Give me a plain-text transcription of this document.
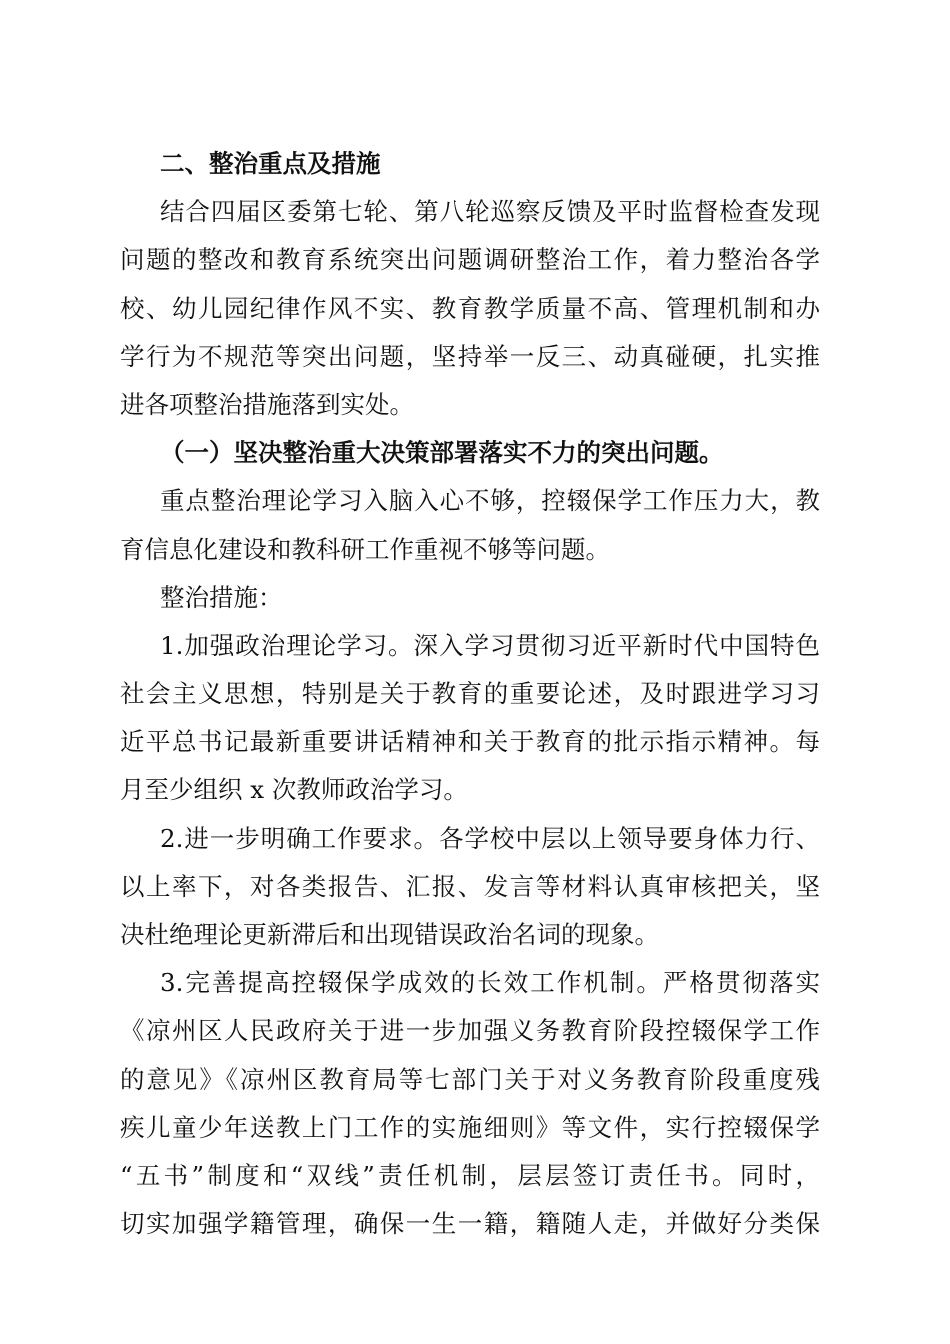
二、整治重点及措施
结合四届区委第七轮、第八轮巡察反馈及平时监督检查发现
问题的整改和教育系统突出问题调研整治工作，着力整治各学
校、幼儿园纪律作风不实、教育教学质量不高、管理机制和办
学行为不规范等突出问题，坚持举一反三、动真碰硬，扎实推
进各项整治措施落到实处。
（一）坚决整治重大决策部署落实不力的突出问题。
重点整治理论学习入脑入心不够，控辍保学工作压力大，教
育信息化建设和教科研工作重视不够等问题。
整治措施：
1.加强政治理论学习。深入学习贯彻习近平新时代中国特色
社会主义思想，特别是关于教育的重要论述，及时跟进学习习
近平总书记最新重要讲话精神和关于教育的批示指示精神。每
月至少组织 x 次教师政治学习。
2.进一步明确工作要求。各学校中层以上领导要身体力行、
以上率下，对各类报告、汇报、发言等材料认真审核把关，坚
决杜绝理论更新滞后和出现错误政治名词的现象。
3.完善提高控辍保学成效的长效工作机制。严格贯彻落实
《凉州区人民政府关于进一步加强义务教育阶段控辍保学工作
的意见》《凉州区教育局等七部门关于对义务教育阶段重度残
疾儿童少年送教上门工作的实施细则》等文件，实行控辍保学
“五书”制度和“双线”责任机制，层层签订责任书。同时，
切实加强学籍管理，确保一生一籍，籍随人走，并做好分类保
